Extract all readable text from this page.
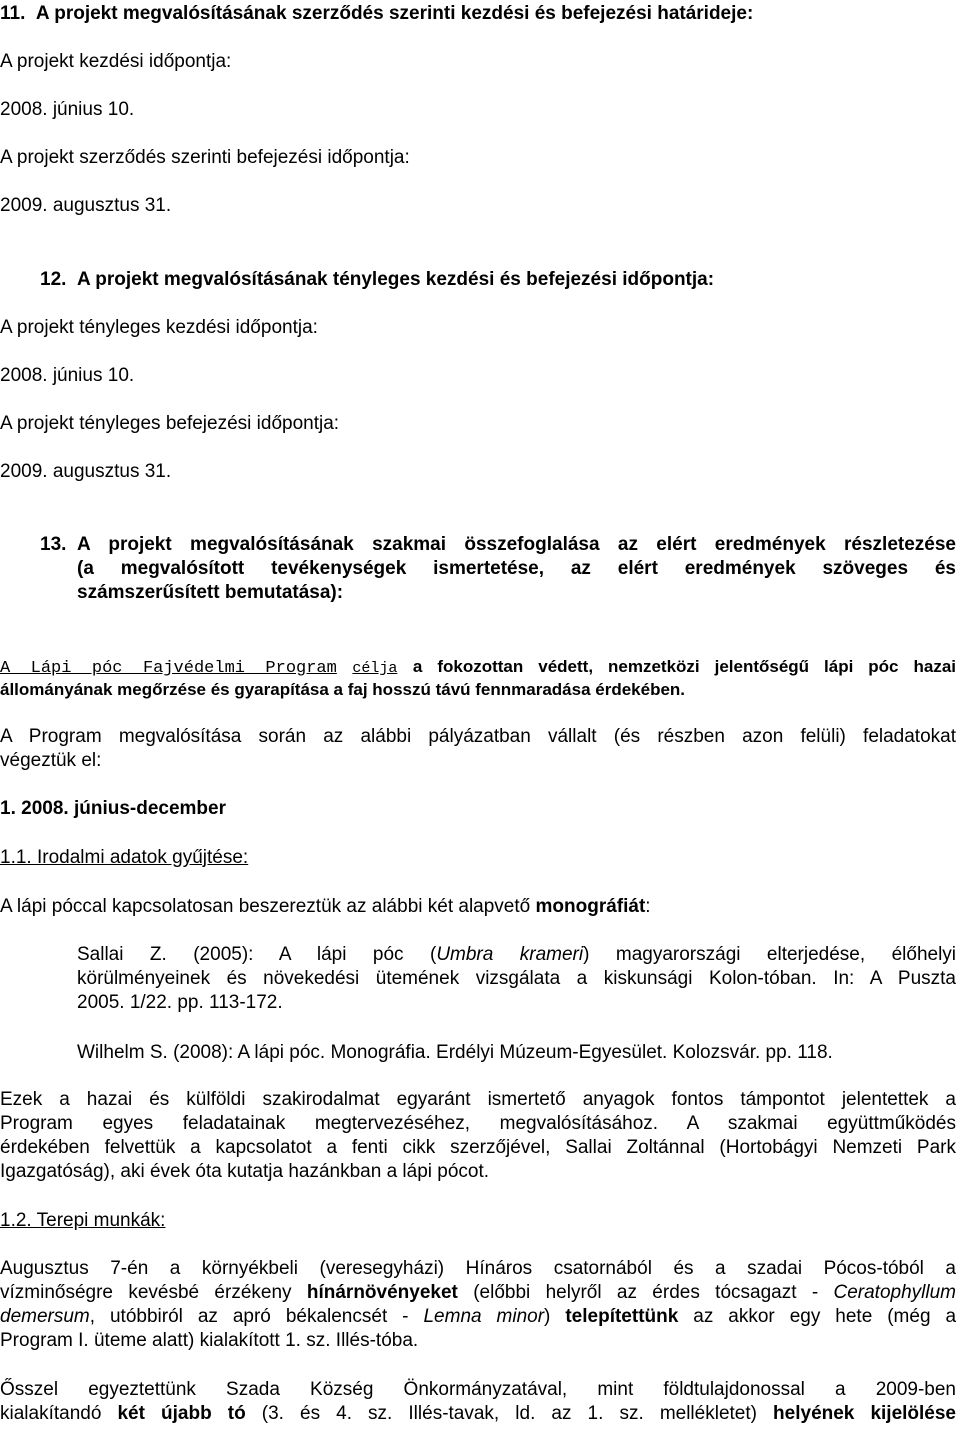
11.  A projekt megvalósításának szerződés szerinti kezdési és befejezési határideje:
A projekt kezdési időpontja:
2008. június 10.
A projekt szerződés szerinti befejezési időpontja:
2009. augusztus 31.
12.  A projekt megvalósításának tényleges kezdési és befejezési időpontja:
A projekt tényleges kezdési időpontja:
2008. június 10.
A projekt tényleges befejezési időpontja:
2009. augusztus 31.
13. A projekt megvalósításának szakmai összefoglalása az elért eredmények részletezése
(a megvalósított tevékenységek ismertetése, az elért eredmények szöveges és
számszerűsített bemutatása):
A Lápi póc Fajvédelmi Program célja a fokozottan védett, nemzetközi jelentőségű lápi póc hazai
állományának megőrzése és gyarapítása a faj hosszú távú fennmaradása érdekében.
A Program megvalósítása során az alábbi pályázatban vállalt (és részben azon felüli) feladatokat
végeztük el:
1. 2008. június-december
1.1. Irodalmi adatok gyűjtése:
A lápi póccal kapcsolatosan beszereztük az alábbi két alapvető monográfiát:
Sallai Z. (2005): A lápi póc (Umbra krameri) magyarországi elterjedése, élőhelyi
körülményeinek és növekedési ütemének vizsgálata a kiskunsági Kolon-tóban. In: A Puszta
2005. 1/22. pp. 113-172.
Wilhelm S. (2008): A lápi póc. Monográfia. Erdélyi Múzeum-Egyesület. Kolozsvár. pp. 118.
Ezek a hazai és külföldi szakirodalmat egyaránt ismertető anyagok fontos támpontot jelentettek a
Program egyes feladatainak megtervezéséhez, megvalósításához. A szakmai együttműködés
érdekében felvettük a kapcsolatot a fenti cikk szerzőjével, Sallai Zoltánnal (Hortobágyi Nemzeti Park
Igazgatóság), aki évek óta kutatja hazánkban a lápi pócot.
1.2. Terepi munkák:
Augusztus 7-én a környékbeli (veresegyházi) Hínáros csatornából és a szadai Pócos-tóból a
vízminőségre kevésbé érzékeny hínárnövényeket (előbbi helyről az érdes tócsagazt - Ceratophyllum
demersum, utóbbiról az apró békalencsét - Lemna minor) telepítettünk az akkor egy hete (még a
Program I. üteme alatt) kialakított 1. sz. Illés-tóba.
Ősszel egyeztettünk Szada Község Önkormányzatával, mint földtulajdonossal a 2009-ben
kialakítandó két újabb tó (3. és 4. sz. Illés-tavak, ld. az 1. sz. mellékletet) helyének kijelölése
